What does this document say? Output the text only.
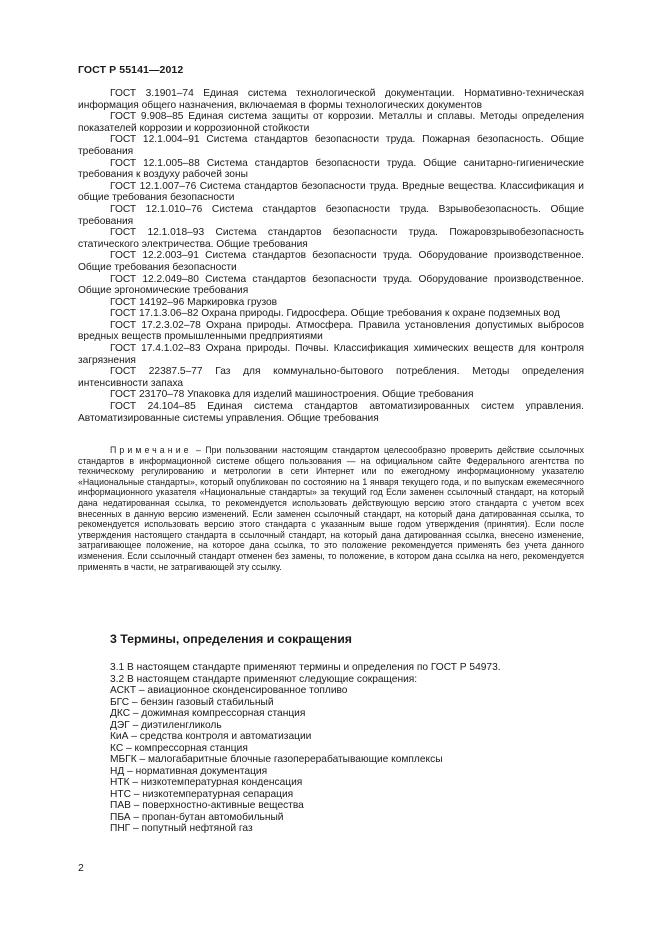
ГОСТ Р 55141—2012

ГОСТ 3.1901–74 Единая система технологической документации. Нормативно-техническая информация общего назначения, включаемая в формы технологических документов

ГОСТ 9.908–85 Единая система защиты от коррозии. Металлы и сплавы. Методы определения показателей коррозии и коррозионной стойкости

ГОСТ 12.1.004–91 Система стандартов безопасности труда. Пожарная безопасность. Общие требования

ГОСТ 12.1.005–88 Система стандартов безопасности труда. Общие санитарно-гигиенические требования к воздуху рабочей зоны

ГОСТ 12.1.007–76 Система стандартов безопасности труда. Вредные вещества. Классификация и общие требования безопасности

ГОСТ 12.1.010–76 Система стандартов безопасности труда. Взрывобезопасность. Общие требования

ГОСТ 12.1.018–93 Система стандартов безопасности труда. Пожаровзрывобезопасность статического электричества. Общие требования

ГОСТ 12.2.003–91 Система стандартов безопасности труда. Оборудование производственное. Общие требования безопасности

ГОСТ 12.2.049–80 Система стандартов безопасности труда. Оборудование производственное. Общие эргономические требования

ГОСТ 14192–96 Маркировка грузов

ГОСТ 17.1.3.06–82 Охрана природы. Гидросфера. Общие требования к охране подземных вод

ГОСТ 17.2.3.02–78 Охрана природы. Атмосфера. Правила установления допустимых выбросов вредных веществ промышленными предприятиями

ГОСТ 17.4.1.02–83 Охрана природы. Почвы. Классификация химических веществ для контроля загрязнения

ГОСТ 22387.5–77 Газ для коммунально-бытового потребления. Методы определения интенсивности запаха

ГОСТ 23170–78 Упаковка для изделий машиностроения. Общие требования

ГОСТ 24.104–85 Единая система стандартов автоматизированных систем управления. Автоматизированные системы управления. Общие требования

Примечание – При пользовании настоящим стандартом целесообразно проверить действие ссылочных стандартов в информационной системе общего пользования — на официальном сайте Федерального агентства по техническому регулированию и метрологии в сети Интернет или по ежегодному информационному указателю «Национальные стандарты», который опубликован по состоянию на 1 января текущего года, и по выпускам ежемесячного информационного указателя «Национальные стандарты» за текущий год Если заменен ссылочный стандарт, на который дана недатированная ссылка, то рекомендуется использовать действующую версию этого стандарта с учетом всех внесенных в данную версию изменений. Если заменен ссылочный стандарт, на который дана датированная ссылка, то рекомендуется использовать версию этого стандарта с указанным выше годом утверждения (принятия). Если после утверждения настоящего стандарта в ссылочный стандарт, на который дана датированная ссылка, внесено изменение, затрагивающее положение, на которое дана ссылка, то это положение рекомендуется применять без учета данного изменения. Если ссылочный стандарт отменен без замены, то положение, в котором дана ссылка на него, рекомендуется применять в части, не затрагивающей эту ссылку.

3 Термины, определения и сокращения

3.1 В настоящем стандарте применяют термины и определения по ГОСТ Р 54973.

3.2 В настоящем стандарте применяют следующие сокращения:

АСКТ – авиационное сконденсированное топливо

БГС – бензин газовый стабильный

ДКС – дожимная компрессорная станция

ДЭГ – диэтиленгликоль

КиА – средства контроля и автоматизации

КС – компрессорная станция

МБГК – малогабаритные блочные газоперерабатывающие комплексы

НД – нормативная документация

НТК – низкотемпературная конденсация

НТС – низкотемпературная сепарация

ПАВ – поверхностно-активные вещества

ПБА – пропан-бутан автомобильный

ПНГ – попутный нефтяной газ

2
